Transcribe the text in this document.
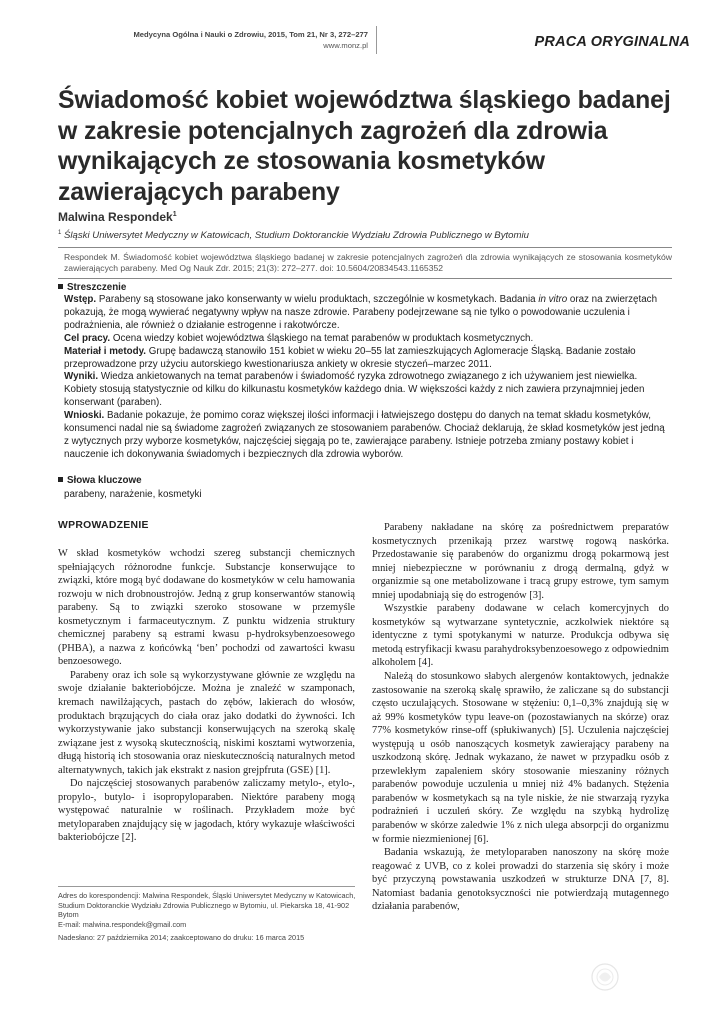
Medycyna Ogólna i Nauki o Zdrowiu, 2015, Tom 21, Nr 3, 272–277
www.monz.pl	PRACA ORYGINALNA
Świadomość kobiet województwa śląskiego badanej w zakresie potencjalnych zagrożeń dla zdrowia wynikających ze stosowania kosmetyków zawierających parabeny
Malwina Respondek$^1$
$^1$ Śląski Uniwersytet Medyczny w Katowicach, Studium Doktoranckie Wydziału Zdrowia Publicznego w Bytomiu
Respondek M. Świadomość kobiet województwa śląskiego badanej w zakresie potencjalnych zagrożeń dla zdrowia wynikających ze stosowania kosmetyków zawierających parabeny. Med Og Nauk Zdr. 2015; 21(3): 272–277. doi: 10.5604/20834543.1165352
Streszczenie

Wstęp. Parabeny są stosowane jako konserwanty w wielu produktach, szczególnie w kosmetykach. Badania in vitro oraz na zwierzętach pokazują, że mogą wywierać negatywny wpływ na nasze zdrowie. Parabeny podejrzewane są nie tylko o powodowanie uczulenia i podrażnienia, ale również o działanie estrogenne i rakotwórcze.

Cel pracy. Ocena wiedzy kobiet województwa śląskiego na temat parabenów w produktach kosmetycznych.

Materiał i metody. Grupę badawczą stanowiło 151 kobiet w wieku 20–55 lat zamieszkujących Aglomeracje Śląską. Badanie zostało przeprowadzone przy użyciu autorskiego kwestionariusza ankiety w okresie styczeń–marzec 2011.

Wyniki. Wiedza ankietowanych na temat parabenów i świadomość ryzyka zdrowotnego związanego z ich używaniem jest niewielka. Kobiety stosują statystycznie od kilku do kilkunastu kosmetyków każdego dnia. W większości każdy z nich zawiera przynajmniej jeden konserwant (paraben).

Wnioski. Badanie pokazuje, że pomimo coraz większej ilości informacji i łatwiejszego dostępu do danych na temat składu kosmetyków, konsumenci nadal nie są świadome zagrożeń związanych ze stosowaniem parabenów. Chociaż deklarują, że skład kosmetyków jest jedną z wytycznych przy wyborze kosmetyków, najczęściej sięgają po te, zawierające parabeny. Istnieje potrzeba zmiany postawy kobiet i nauczenie ich dokonywania świadomych i bezpiecznych dla zdrowia wyborów.

Słowa kluczowe
parabeny, narażenie, kosmetyki
WPROWADZENIE

W skład kosmetyków wchodzi szereg substancji chemicznych spełniających różnorodne funkcje. Substancje konserwujące to związki, które mogą być dodawane do kosmetyków w celu hamowania rozwoju w nich drobnoustrojów. Jedną z grup konserwantów stanowią parabeny. Są to związki szeroko stosowane w przemyśle kosmetycznym i farmaceutycznym. Z punktu widzenia struktury chemicznej parabeny są estrami kwasu p-hydroksybenzoesowego (PHBA), a nazwa z końcówką ‘ben’ pochodzi od zawartości kwasu benzoesowego.

Parabeny oraz ich sole są wykorzystywane głównie ze względu na swoje działanie bakteriobójcze. Można je znaleźć w szamponach, kremach nawilżających, pastach do zębów, lakierach do włosów, produktach brązujących do ciała oraz jako dodatki do żywności. Ich wykorzystywanie jako substancji konserwujących na szeroką skalę związane jest z wysoką skutecznością, niskimi kosztami wytworzenia, długą historią ich stosowania oraz nieskutecznością naturalnych metod alternatywnych, takich jak ekstrakt z nasion grejpfruta (GSE) [1].

Do najczęściej stosowanych parabenów zaliczamy metylo-, etylo-, propylo-, butylo- i isopropyloparaben. Niektóre parabeny mogą występować naturalnie w roślinach. Przykładem może być metyloparaben znajdujący się w jagodach, który wykazuje właściwości bakteriobójcze [2].

Parabeny nakładane na skórę za pośrednictwem preparatów kosmetycznych przenikają przez warstwę rogową naskórka. Przedostawanie się parabenów do organizmu drogą pokarmową jest mniej niebezpieczne w porównaniu z drogą dermalną, gdyż w organizmie są one metabolizowane i tracą grupy estrowe, tym samym mniej upodabniają się do estrogenów [3].

Wszystkie parabeny dodawane w celach komercyjnych do kosmetyków są wytwarzane syntetycznie, aczkolwiek niektóre są identyczne z tymi spotykanymi w naturze. Produkcja odbywa się metodą estryfikacji kwasu parahydroksybenzoesowego z odpowiednim alkoholem [4].

Należą do stosunkowo słabych alergenów kontaktowych, jednakże zastosowanie na szeroką skalę sprawiło, że zaliczane są do substancji często uczulających. Stosowane w stężeniu: 0,1–0,3% znajdują się w aż 99% kosmetyków typu leave-on (pozostawianych na skórze) oraz 77% kosmetyków rinse-off (spłukiwanych) [5]. Uczulenia najczęściej występują u osób nanoszących kosmetyk zawierający parabeny na uszkodzoną skórę. Jednak wykazano, że nawet w przypadku osób z przewlekłym zapaleniem skóry stosowanie mieszaniny różnych parabenów powoduje uczulenia u mniej niż 4% badanych. Stężenia parabenów w kosmetykach są na tyle niskie, że nie stwarzają ryzyka podrażnień i uczuleń skóry. Ze względu na szybką hydrolizę parabenów w skórze zaledwie 1% z nich ulega absorpcji do organizmu w formie niezmienionej [6].

Badania wskazują, że metyloparaben nanoszony na skórę może reagować z UVB, co z kolei prowadzi do starzenia się skóry i może być przyczyną powstawania uszkodzeń w strukturze DNA [7, 8]. Natomiast badania genotoksyczności nie potwierdzają mutagennego działania parabenów,

Adres do korespondencji: Malwina Respondek, Śląski Uniwersytet Medyczny w Katowicach, Studium Doktoranckie Wydziału Zdrowia Publicznego w Bytomiu, ul. Piekarska 18, 41-902 Bytom

E-mail: malwina.respondek@gmail.com

Nadesłano: 27 października 2014; zaakceptowano do druku: 16 marca 2015
